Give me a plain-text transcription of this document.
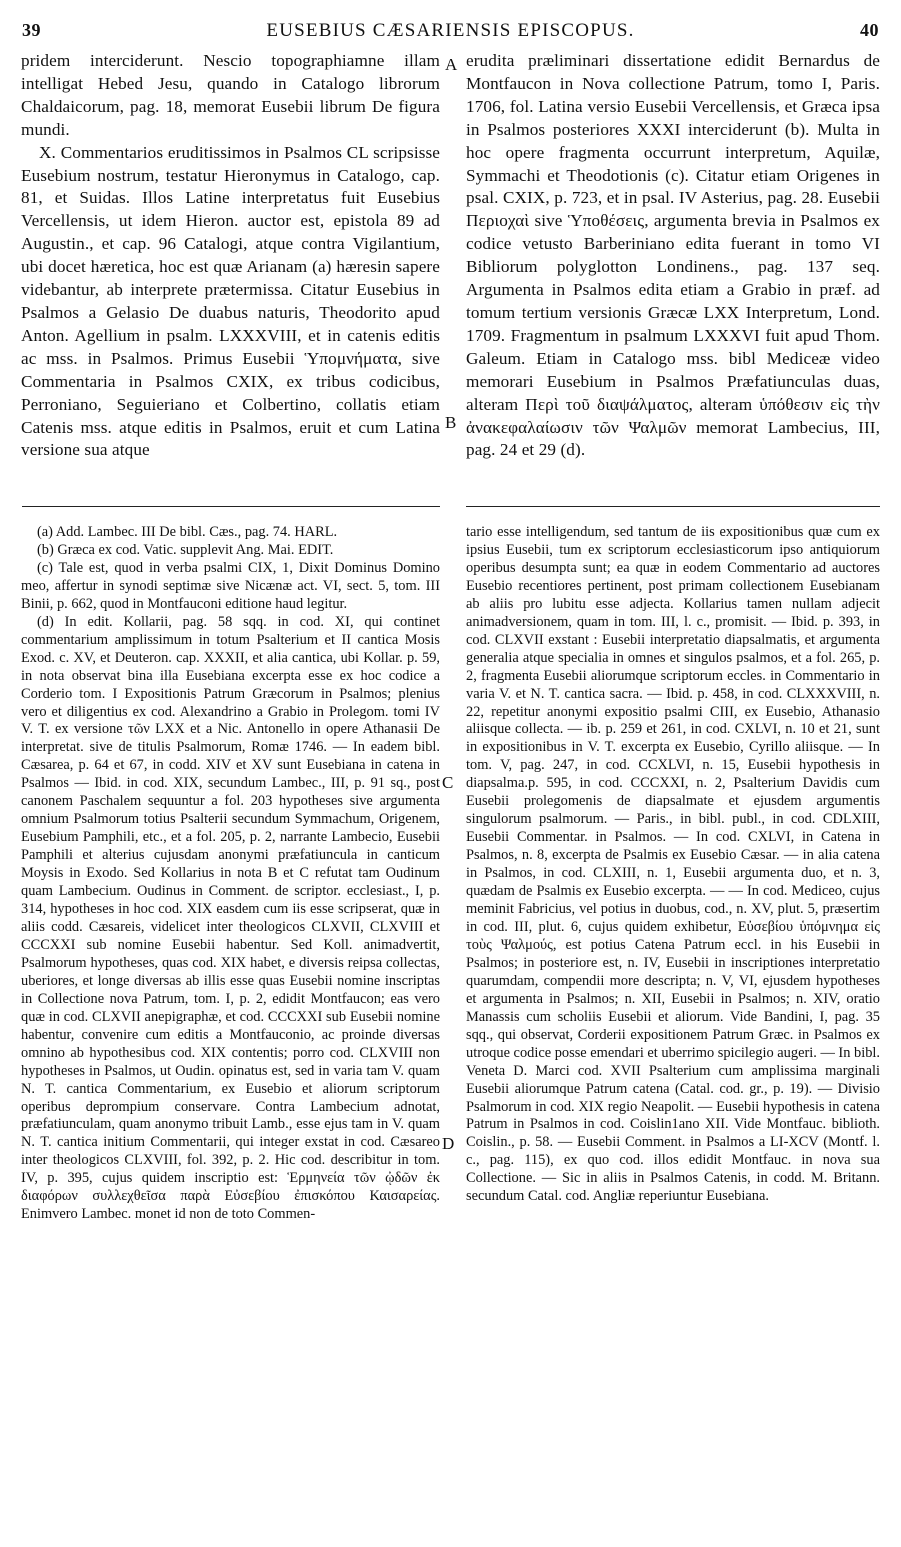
39	EUSEBIUS CÆSARIENSIS EPISCOPUS.	40
A
B
C
D

pridem interciderunt. Nescio topographiamne illam intelligat Hebed Jesu, quando in Catalogo librorum Chaldaicorum, pag. 18, memorat Eusebii librum De figura mundi.

X. Commentarios eruditissimos in Psalmos CL scripsisse Eusebium nostrum, testatur Hieronymus in Catalogo, cap. 81, et Suidas. Illos Latine interpretatus fuit Eusebius Vercellensis, ut idem Hieron. auctor est, epistola 89 ad Augustin., et cap. 96 Catalogi, atque contra Vigilantium, ubi docet hæretica, hoc est quæ Arianam (a) hæresin sapere videbantur, ab interprete prætermissa. Citatur Eusebius in Psalmos a Gelasio De duabus naturis, Theodorito apud Anton. Agellium in psalm. LXXXVIII, et in catenis editis ac mss. in Psalmos. Primus Eusebii Ὑπομνήματα, sive Commentaria in Psalmos CXIX, ex tribus codicibus, Perroniano, Seguieriano et Colbertino, collatis etiam Catenis mss. atque editis in Psalmos, eruit et cum Latina versione sua atque

erudita præliminari dissertatione edidit Bernardus de Montfaucon in Nova collectione Patrum, tomo I, Paris. 1706, fol. Latina versio Eusebii Vercellensis, et Græca ipsa in Psalmos posteriores XXXI interciderunt (b). Multa in hoc opere fragmenta occurrunt interpretum, Aquilæ, Symmachi et Theodotionis (c). Citatur etiam Origenes in psal. CXIX, p. 723, et in psal. IV Asterius, pag. 28. Eusebii Περιοχαὶ sive Ὑποθέσεις, argumenta brevia in Psalmos ex codice vetusto Barberiniano edita fuerant in tomo VI Bibliorum polyglotton Londinens., pag. 137 seq. Argumenta in Psalmos edita etiam a Grabio in præf. ad tomum tertium versionis Græcæ LXX Interpretum, Lond. 1709. Fragmentum in psalmum LXXXVI fuit apud Thom. Galeum. Etiam in Catalogo mss. bibl Mediceæ video memorari Eusebium in Psalmos Præfatiunculas duas, alteram Περὶ τοῦ διαψάλματος, alteram ὑπόθεσιν εἰς τὴν ἀνακεφαλαίωσιν τῶν Ψαλμῶν memorat Lambecius, III, pag. 24 et 29 (d).

(a) Add. Lambec. III De bibl. Cæs., pag. 74. HARL.

(b) Græca ex cod. Vatic. supplevit Ang. Mai. EDIT.

(c) Tale est, quod in verba psalmi CIX, 1, Dixit Dominus Domino meo, affertur in synodi septimæ sive Nicænæ act. VI, sect. 5, tom. III Binii, p. 662, quod in Montfauconi editione haud legitur.

(d) In edit. Kollarii, pag. 58 sqq. in cod. XI, qui continet commentarium amplissimum in totum Psalterium et II cantica Mosis Exod. c. XV, et Deuteron. cap. XXXII, et alia cantica, ubi Kollar. p. 59, in nota observat bina illa Eusebiana excerpta esse ex hoc codice a Corderio tom. I Expositionis Patrum Græcorum in Psalmos; plenius vero et diligentius ex cod. Alexandrino a Grabio in Prolegom. tomi IV V. T. ex versione τῶν LXX et a Nic. Antonello in opere Athanasii De interpretat. sive de titulis Psalmorum, Romæ 1746. — In eadem bibl. Cæsarea, p. 64 et 67, in codd. XIV et XV sunt Eusebiana in catena in Psalmos — Ibid. in cod. XIX, secundum Lambec., III, p. 91 sq., post canonem Paschalem sequuntur a fol. 203 hypotheses sive argumenta omnium Psalmorum totius Psalterii secundum Symmachum, Origenem, Eusebium Pamphili, etc., et a fol. 205, p. 2, narrante Lambecio, Eusebii Pamphili et alterius cujusdam anonymi præfatiuncula in canticum Moysis in Exodo. Sed Kollarius in nota B et C refutat tam Oudinum quam Lambecium. Oudinus in Comment. de scriptor. ecclesiast., I, p. 314, hypotheses in hoc cod. XIX easdem cum iis esse scripserat, quæ in aliis codd. Cæsareis, videlicet inter theologicos CLXVII, CLXVIII et CCCXXI sub nomine Eusebii habentur. Sed Koll. animadvertit, Psalmorum hypotheses, quas cod. XIX habet, e diversis reipsa collectas, uberiores, et longe diversas ab illis esse quas Eusebii nomine inscriptas in Collectione nova Patrum, tom. I, p. 2, edidit Montfaucon; eas vero quæ in cod. CLXVII anepigraphæ, et cod. CCCXXI sub Eusebii nomine habentur, convenire cum editis a Montfauconio, ac proinde diversas omnino ab hypothesibus cod. XIX contentis; porro cod. CLXVIII non hypotheses in Psalmos, ut Oudin. opinatus est, sed in varia tam V. quam N. T. cantica Commentarium, ex Eusebio et aliorum scriptorum operibus deprompium conservare. Contra Lambecium adnotat, præfatiunculam, quam anonymo tribuit Lamb., esse ejus tam in V. quam N. T. cantica initium Commentarii, qui integer exstat in cod. Cæsareo inter theologicos CLXVIII, fol. 392, p. 2. Hic cod. describitur in tom. IV, p. 395, cujus quidem inscriptio est: Ἑρμηνεία τῶν ᾠδῶν ἐκ διαφόρων συλλεχθεῖσα παρὰ Εὐσεβίου ἐπισκόπου Καισαρείας. Enimvero Lambec. monet id non de toto Commen-

tario esse intelligendum, sed tantum de iis expositionibus quæ cum ex ipsius Eusebii, tum ex scriptorum ecclesiasticorum ipso antiquiorum operibus desumpta sunt; ea quæ in eodem Commentario ad auctores Eusebio recentiores pertinent, post primam collectionem Eusebianam ab aliis pro lubitu esse adjecta. Kollarius tamen nullam adjecit animadversionem, quam in tom. III, l. c., promisit. — Ibid. p. 393, in cod. CLXVII exstant : Eusebii interpretatio diapsalmatis, et argumenta generalia atque specialia in omnes et singulos psalmos, et a fol. 265, p. 2, fragmenta Eusebii aliorumque scriptorum eccles. in Commentario in varia V. et N. T. cantica sacra. — Ibid. p. 458, in cod. CLXXXVIII, n. 22, repetitur anonymi expositio psalmi CIII, ex Eusebio, Athanasio aliisque collecta. — ib. p. 259 et 261, in cod. CXLVI, n. 10 et 21, sunt in expositionibus in V. T. excerpta ex Eusebio, Cyrillo aliisque. — In tom. V, pag. 247, in cod. CCXLVI, n. 15, Eusebii hypothesis in diapsalma.p. 595, in cod. CCCXXI, n. 2, Psalterium Davidis cum Eusebii prolegomenis de diapsalmate et ejusdem argumentis singulorum psalmorum. — Paris., in bibl. publ., in cod. CDLXIII, Eusebii Commentar. in Psalmos. — In cod. CXLVI, in Catena in Psalmos, n. 8, excerpta de Psalmis ex Eusebio Cæsar. — in alia catena in Psalmos, in cod. CLXIII, n. 1, Eusebii argumenta duo, et n. 3, quædam de Psalmis ex Eusebio excerpta. — — In cod. Mediceo, cujus meminit Fabricius, vel potius in duobus, cod., n. XV, plut. 5, præsertim in cod. III, plut. 6, cujus quidem exhibetur, Εὐσεβίου ὑπόμνημα εἰς τοὺς Ψαλμούς, est potius Catena Patrum eccl. in his Eusebii in Psalmos; in posteriore est, n. IV, Eusebii in inscriptiones interpretatio quarumdam, compendii more descripta; n. V, VI, ejusdem hypotheses et argumenta in Psalmos; n. XII, Eusebii in Psalmos; n. XIV, oratio Manassis cum scholiis Eusebii et aliorum. Vide Bandini, I, pag. 35 sqq., qui observat, Corderii expositionem Patrum Græc. in Psalmos ex utroque codice posse emendari et uberrimo spicilegio augeri. — In bibl. Veneta D. Marci cod. XVII Psalterium cum amplissima marginali Eusebii aliorumque Patrum catena (Catal. cod. gr., p. 19). — Divisio Psalmorum in cod. XIX regio Neapolit. — Eusebii hypothesis in catena Patrum in Psalmos in cod. Coislin1ano XII. Vide Montfauc. biblioth. Coislin., p. 58. — Eusebii Comment. in Psalmos a LI-XCV (Montf. l. c., pag. 115), ex quo cod. illos edidit Montfauc. in nova sua Collectione. — Sic in aliis in Psalmos Catenis, in codd. M. Britann. secundum Catal. cod. Angliæ reperiuntur Eusebiana.
